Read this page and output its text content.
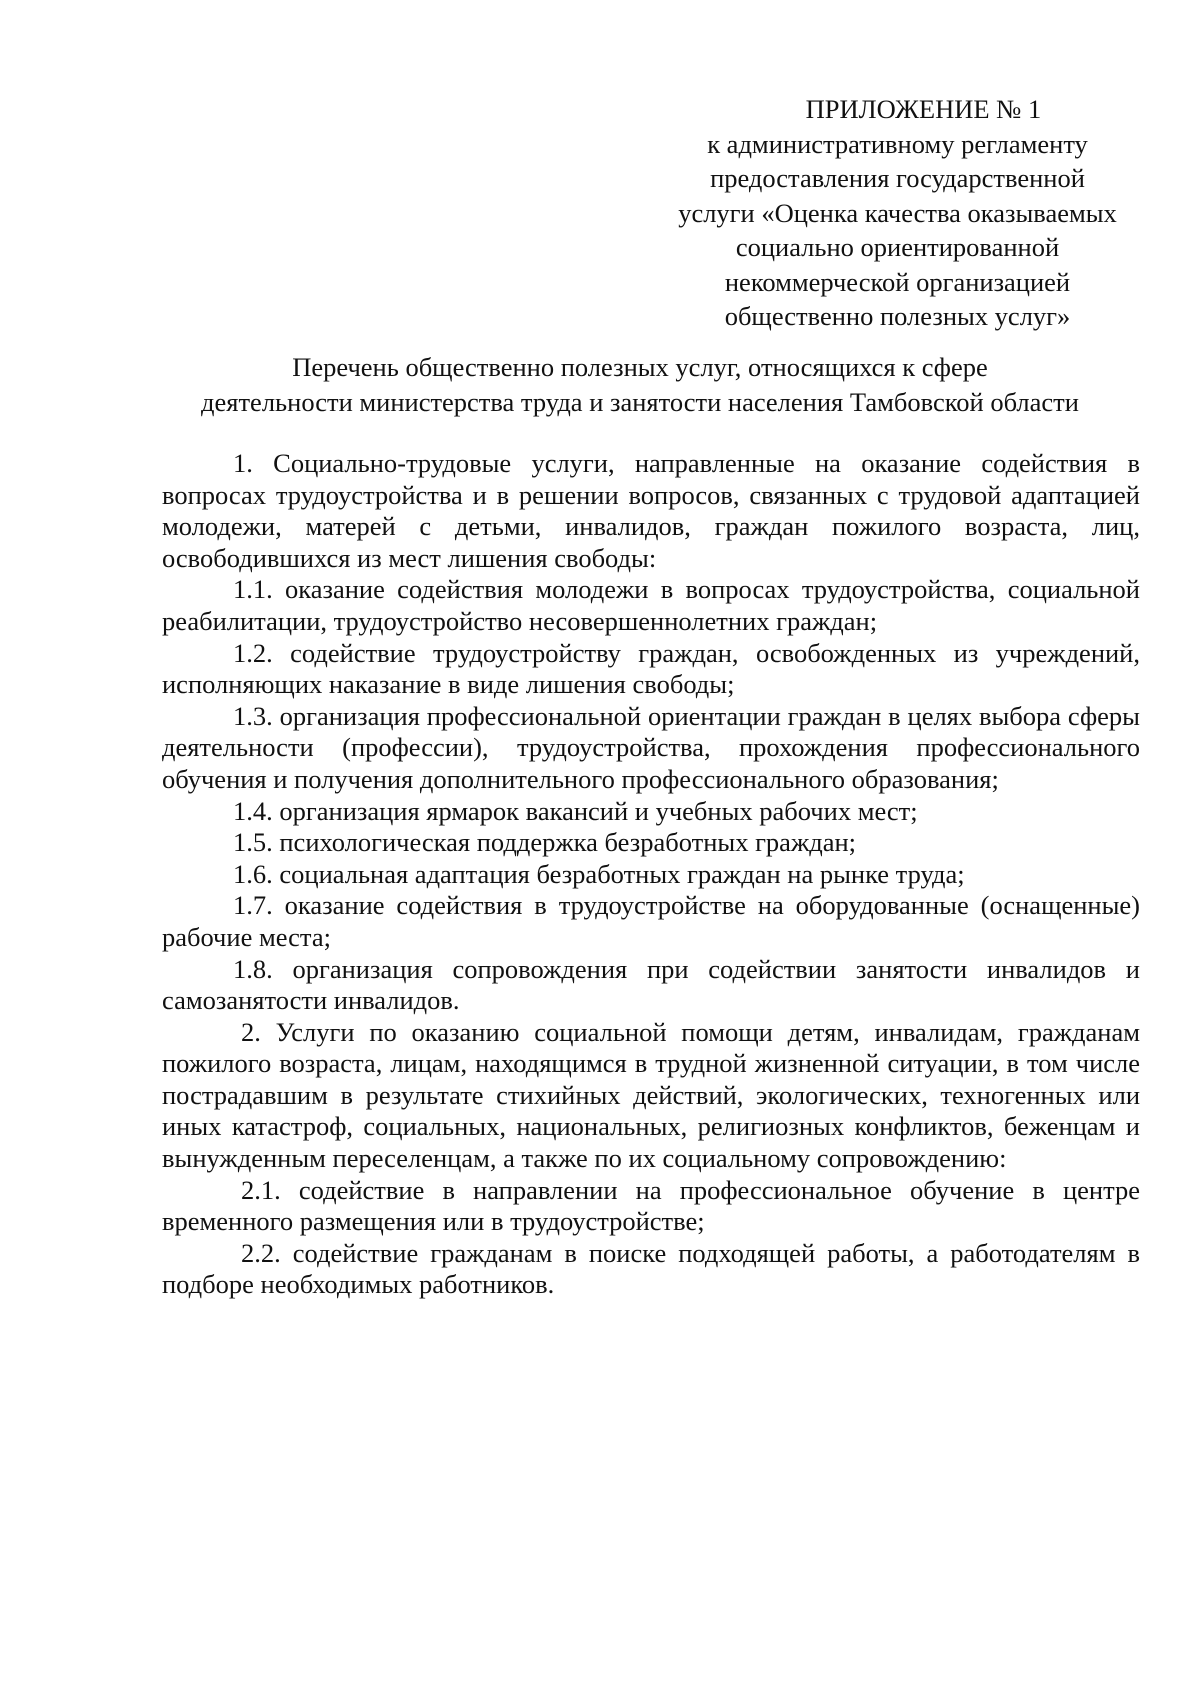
ПРИЛОЖЕНИЕ № 1
к административному регламенту
предоставления государственной
услуги «Оценка качества оказываемых
социально ориентированной
некоммерческой организацией
общественно полезных услуг»
Перечень общественно полезных услуг, относящихся к сфере
деятельности министерства труда и занятости населения Тамбовской области

1. Социально-трудовые услуги, направленные на оказание содействия в вопросах трудоустройства и в решении вопросов, связанных с трудовой адаптацией молодежи, матерей с детьми, инвалидов, граждан пожилого возраста, лиц, освободившихся из мест лишения свободы:

1.1. оказание содействия молодежи в вопросах трудоустройства, социальной реабилитации, трудоустройство несовершеннолетних граждан;

1.2. содействие трудоустройству граждан, освобожденных из учреждений, исполняющих наказание в виде лишения свободы;

1.3. организация профессиональной ориентации граждан в целях выбора сферы деятельности (профессии), трудоустройства, прохождения профессионального обучения и получения дополнительного профессионального образования;

1.4. организация ярмарок вакансий и учебных рабочих мест;

1.5. психологическая поддержка безработных граждан;

1.6. социальная адаптация безработных граждан на рынке труда;

1.7. оказание содействия в трудоустройстве на оборудованные (оснащенные) рабочие места;

1.8. организация сопровождения при содействии занятости инвалидов и самозанятости инвалидов.

2. Услуги по оказанию социальной помощи детям, инвалидам, гражданам пожилого возраста, лицам, находящимся в трудной жизненной ситуации, в том числе пострадавшим в результате стихийных действий, экологических, техногенных или иных катастроф, социальных, национальных, религиозных конфликтов, беженцам и вынужденным переселенцам, а также по их социальному сопровождению:

2.1. содействие в направлении на профессиональное обучение в центре временного размещения или в трудоустройстве;

2.2. содействие гражданам в поиске подходящей работы, а работодателям в подборе необходимых работников.
